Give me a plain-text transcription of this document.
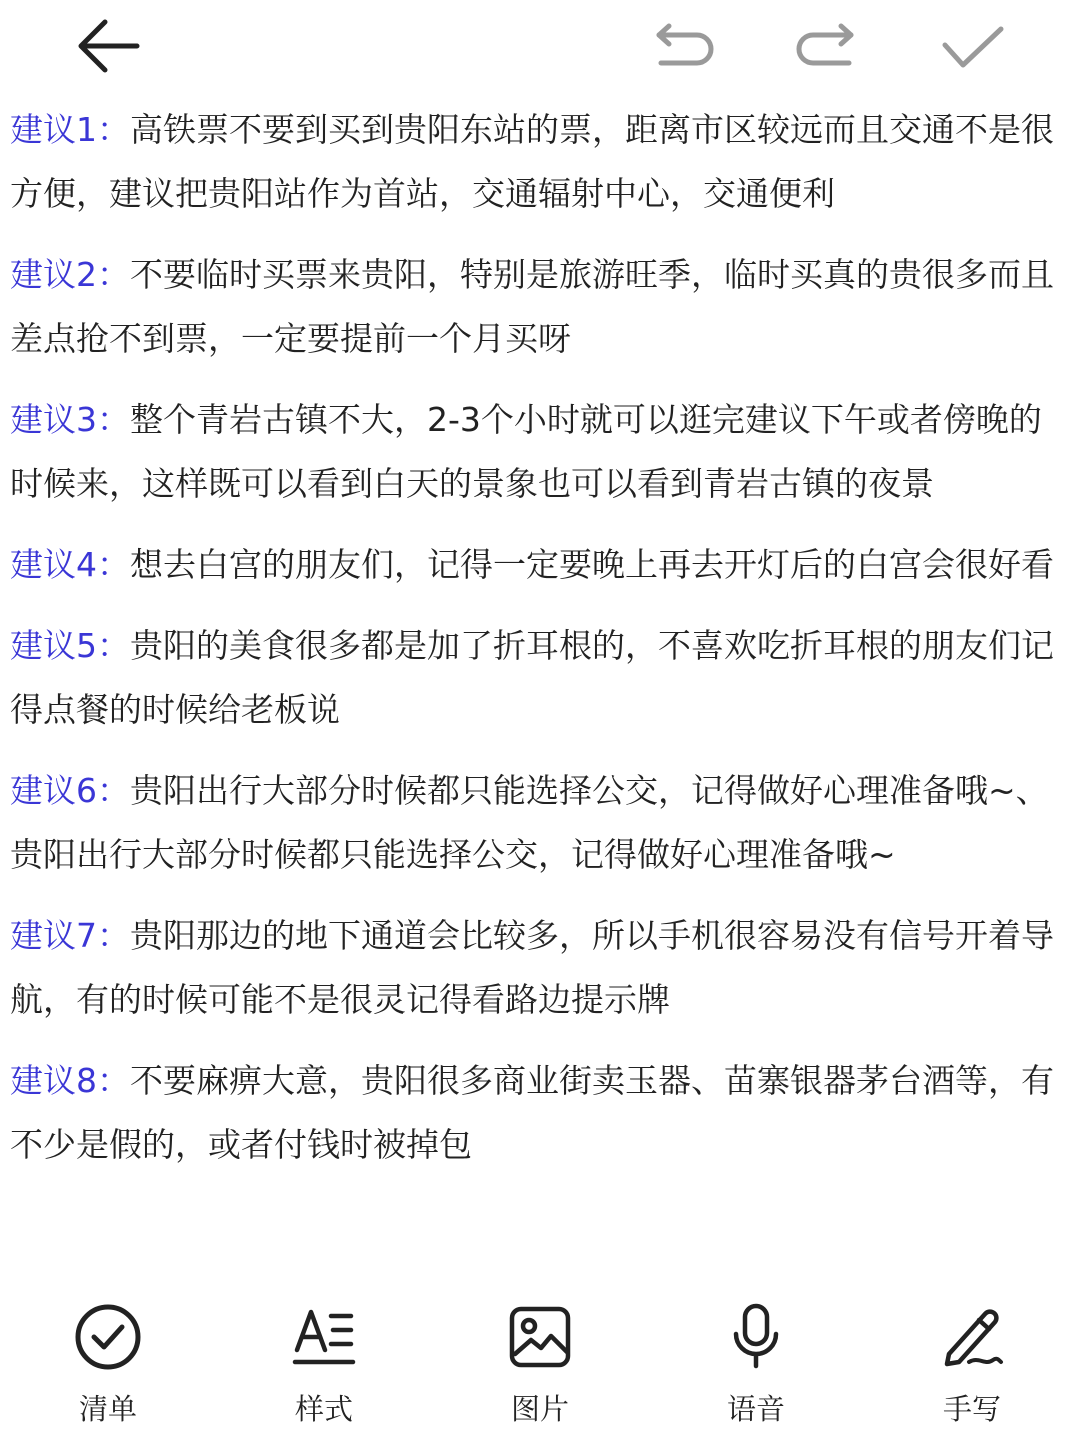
建议1：高铁票不要到买到贵阳东站的票，距离市区较远而且交通不是很方便，建议把贵阳站作为首站，交通辐射中心，交通便利

建议2：不要临时买票来贵阳，特别是旅游旺季，临时买真的贵很多而且差点抢不到票，一定要提前一个月买呀

建议3：整个青岩古镇不大，2-3个小时就可以逛完建议下午或者傍晚的时候来，这样既可以看到白天的景象也可以看到青岩古镇的夜景

建议4：想去白宫的朋友们，记得一定要晚上再去开灯后的白宫会很好看

建议5：贵阳的美食很多都是加了折耳根的，不喜欢吃折耳根的朋友们记得点餐的时候给老板说

建议6：贵阳出行大部分时候都只能选择公交，记得做好心理准备哦~、贵阳出行大部分时候都只能选择公交，记得做好心理准备哦~

建议7：贵阳那边的地下通道会比较多，所以手机很容易没有信号开着导航，有的时候可能不是很灵记得看路边提示牌

建议8：不要麻痹大意，贵阳很多商业街卖玉器、苗寨银器茅台酒等，有不少是假的，或者付钱时被掉包

清单	样式	图片	语音	手写
